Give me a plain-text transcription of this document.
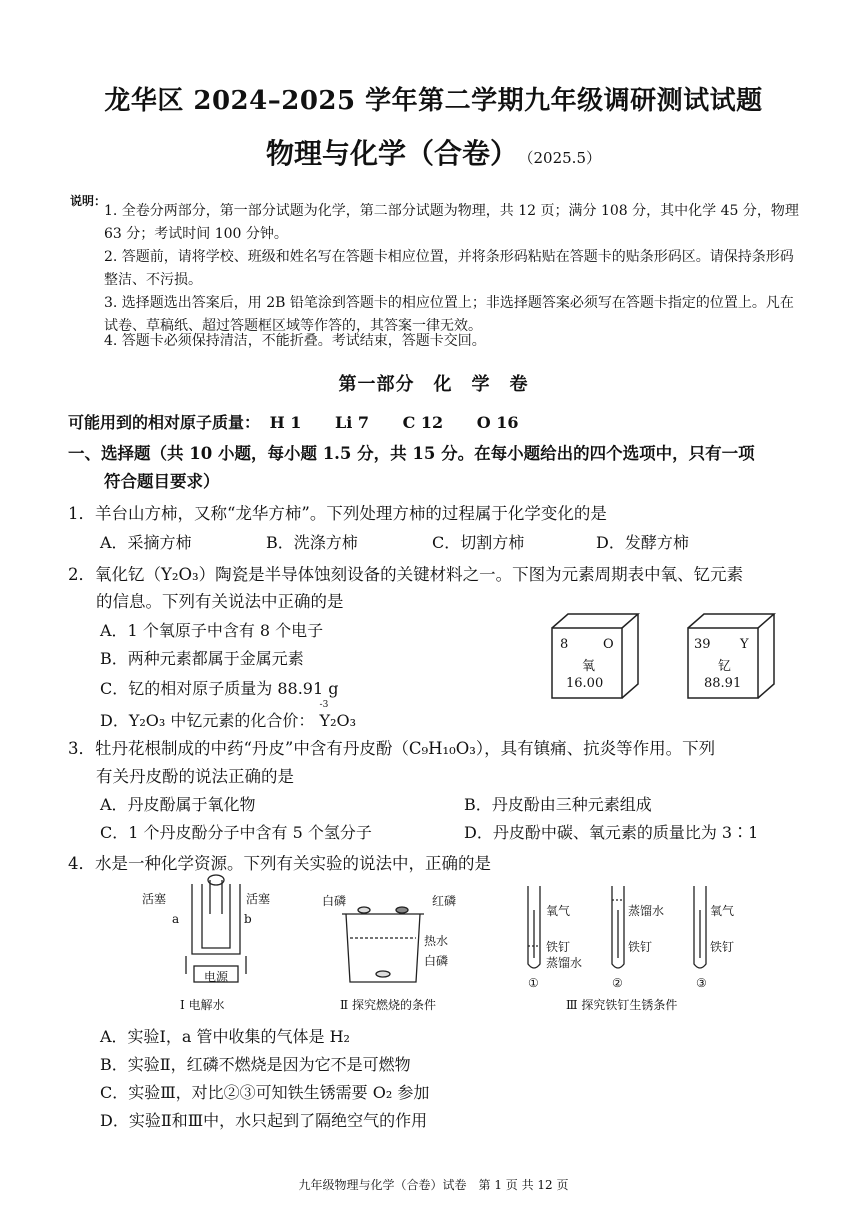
龙华区 2024–2025 学年第二学期九年级调研测试试题
物理与化学（合卷） （2025.5）
说明：
1. 全卷分两部分，第一部分试题为化学，第二部分试题为物理，共 12 页；满分 108 分，其中化学 45 分，物理 63 分；考试时间 100 分钟。
2. 答题前，请将学校、班级和姓名写在答题卡相应位置，并将条形码粘贴在答题卡的贴条形码区。请保持条形码整洁、不污损。
3. 选择题选出答案后，用 2B 铅笔涂到答题卡的相应位置上；非选择题答案必须写在答题卡指定的位置上。凡在试卷、草稿纸、超过答题框区域等作答的，其答案一律无效。
4. 答题卡必须保持清洁，不能折叠。考试结束，答题卡交回。
第一部分　化　学　卷
可能用到的相对原子质量： H 1 Li 7 C 12 O 16
一、选择题（共 10 小题，每小题 1.5 分，共 15 分。在每小题给出的四个选项中，只有一项
符合题目要求）
1．羊台山方柿，又称“龙华方柿”。下列处理方柿的过程属于化学变化的是
A．采摘方柿	B．洗涤方柿	C．切割方柿	D．发酵方柿
2．氧化钇（Y₂O₃）陶瓷是半导体蚀刻设备的关键材料之一。下图为元素周期表中氧、钇元素
的信息。下列有关说法中正确的是
A．1 个氧原子中含有 8 个电子
B．两种元素都属于金属元素
C．钇的相对原子质量为 88.91 g
D．Y₂O₃ 中钇元素的化合价：
-3
Y₂O₃
8	O
氧
16.00
39 Y
钇
88.91
3．牡丹花根制成的中药“丹皮”中含有丹皮酚（C₉H₁₀O₃），具有镇痛、抗炎等作用。下列
有关丹皮酚的说法正确的是
A．丹皮酚属于氧化物	B．丹皮酚由三种元素组成
C．1 个丹皮酚分子中含有 5 个氢分子	D．丹皮酚中碳、氧元素的质量比为 3∶1
4．水是一种化学资源。下列有关实验的说法中，正确的是
活塞	活塞
a	b
电源
Ⅰ 电解水
白磷	红磷
热水
白磷
Ⅱ 探究燃烧的条件
氧气
铁钉
蒸馏水
蒸馏水
铁钉
氧气
铁钉
①	②	③
Ⅲ 探究铁钉生锈条件
A．实验Ⅰ，a 管中收集的气体是 H₂
B．实验Ⅱ，红磷不燃烧是因为它不是可燃物
C．实验Ⅲ，对比②③可知铁生锈需要 O₂ 参加
D．实验Ⅱ和Ⅲ中，水只起到了隔绝空气的作用
九年级物理与化学（合卷）试卷　第 1 页 共 12 页
